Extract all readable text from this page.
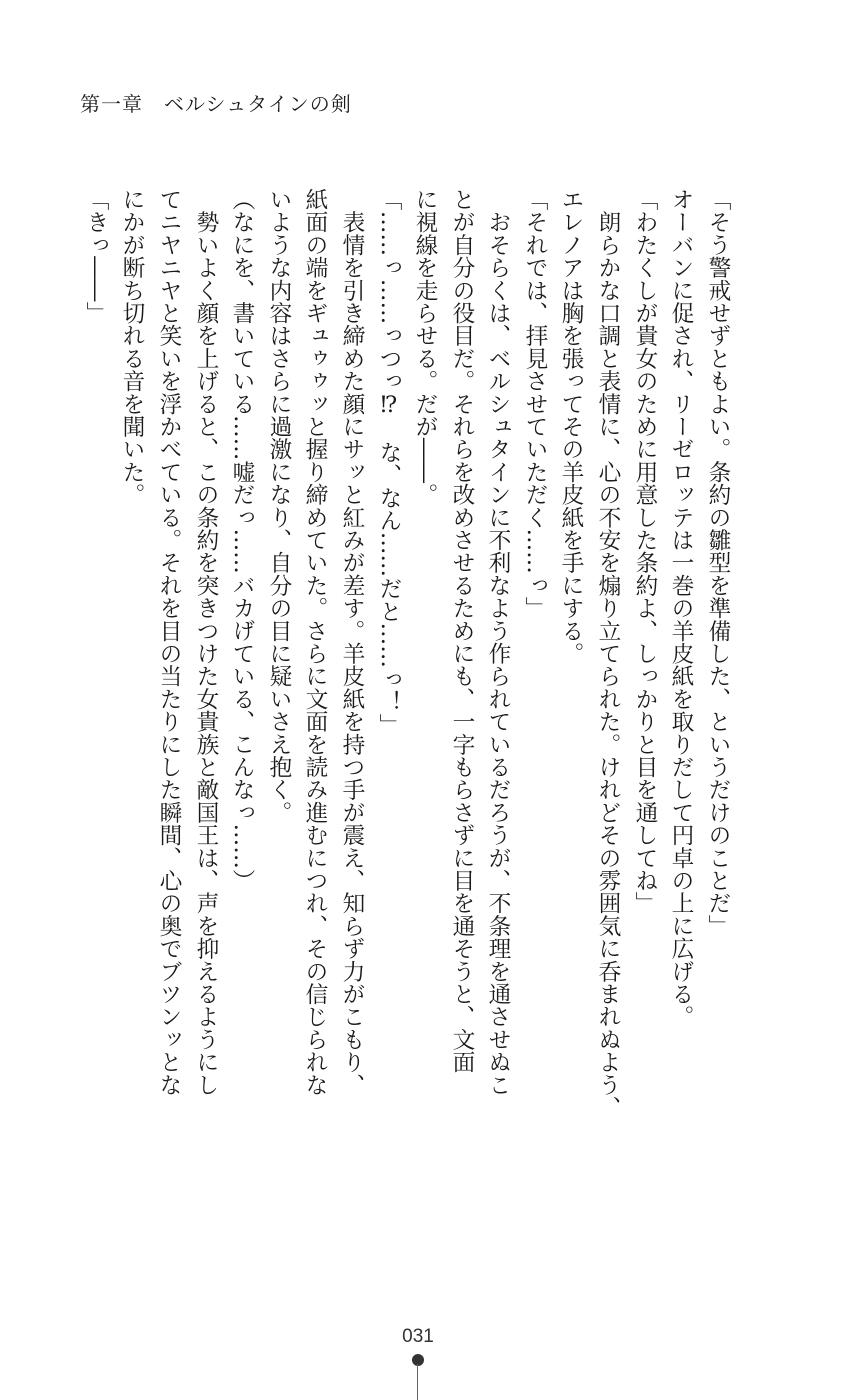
第一章　ベルシュタインの剣
「そう警戒せずともよい。条約の雛型を準備した、というだけのことだ」
オーバンに促され、リーゼロッテは一巻の羊皮紙を取りだして円卓の上に広げる。
「わたくしが貴女のために用意した条約よ、しっかりと目を通してね」
　朗らかな口調と表情に、心の不安を煽り立てられた。けれどその雰囲気に呑まれぬよう、
エレノアは胸を張ってその羊皮紙を手にする。
「それでは、拝見させていただく……っ」
　おそらくは、ベルシュタインに不利なよう作られているだろうが、不条理を通させぬこ
とが自分の役目だ。それらを改めさせるためにも、一字もらさずに目を通そうと、文面
に視線を走らせる。だが――。
「……っ……っつっ⁉　な、なん……だと……っ！」
　表情を引き締めた顔にサッと紅みが差す。羊皮紙を持つ手が震え、知らず力がこもり、
紙面の端をギュゥゥッと握り締めていた。さらに文面を読み進むにつれ、その信じられな
いような内容はさらに過激になり、自分の目に疑いさえ抱く。
（なにを、書いている……嘘だっ……バカげている、こんなっ……）
　勢いよく顔を上げると、この条約を突きつけた女貴族と敵国王は、声を抑えるようにし
てニヤニヤと笑いを浮かべている。それを目の当たりにした瞬間、心の奥でブツンッとな
にかが断ち切れる音を聞いた。
「きっ――」
031
